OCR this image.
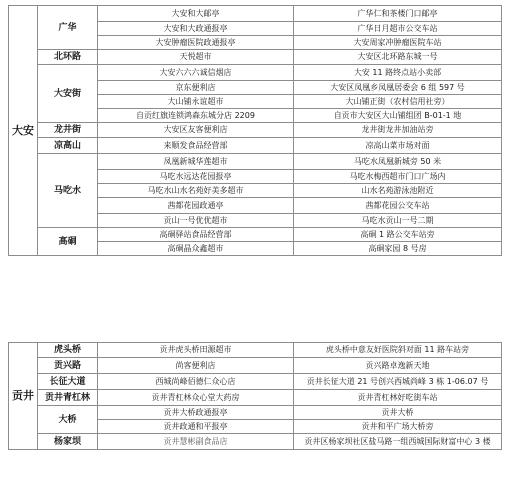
大安	广华	大安和大邮亭	广华仁和茶楼门口邮亭
		大安和大政通报亭	广华日月超市公交车站
		大安肿瘤医院政通报亭	大安周家冲肿瘤医院车站
	北环路	天悦超市	大安区北环路东城一号
	大安街	大安六六六诚信烟店	大安 11 路终点站小卖部
		京东便利店	大安区凤凰乡凤凰居委会 6 组 597 号
		大山铺永谊超市	大山铺正街（农村信用社旁）
		自贡红旗连锁鸿森东城分店 2209	自贡市大安区大山铺组团 B-01-1 地
	龙井街	大安区友客便利店	龙井街龙井加油站旁
	凉高山	来顺发食品经营部	凉高山菜市场对面
	马吃水	凤凰新城华莲超市	马吃水凤凰新城旁 50 米
		马吃水远达花园报亭	马吃水梅西超市门口广场内
		马吃水山水名苑好美多超市	山水名苑游泳池附近
		茜都花园政通亭	茜都花园公交车站
		贡山一号优优超市	马吃水贡山一号二期
	高硐	高硐驿站食品经营部	高硐 1 路公交车站旁
		高硐晶众鑫超市	高硐家园 8 号房
贡井	虎头桥	贡井虎头桥田源超市	虎头桥中意友好医院斜对面 11 路车站旁
	贡兴路	尚客便利店	贡兴路卓逸新天地
	长征大道	西城尚峰佰德仁众心店	贡井长征大道 21 号创兴西城尚峰 3 栋 1-06.07 号
	贡井青杠林	贡井青杠林众心堂大药房	贡井青杠林好吃街车站
	大桥	贡井大桥政通报亭	贡井大桥
		贡井政通和平报亭	贡井和平广场大桥旁
	杨家坝	贡井慧彬副食品店	贡井区杨家坝社区盐马路一组西城国际财富中心 3 楼
